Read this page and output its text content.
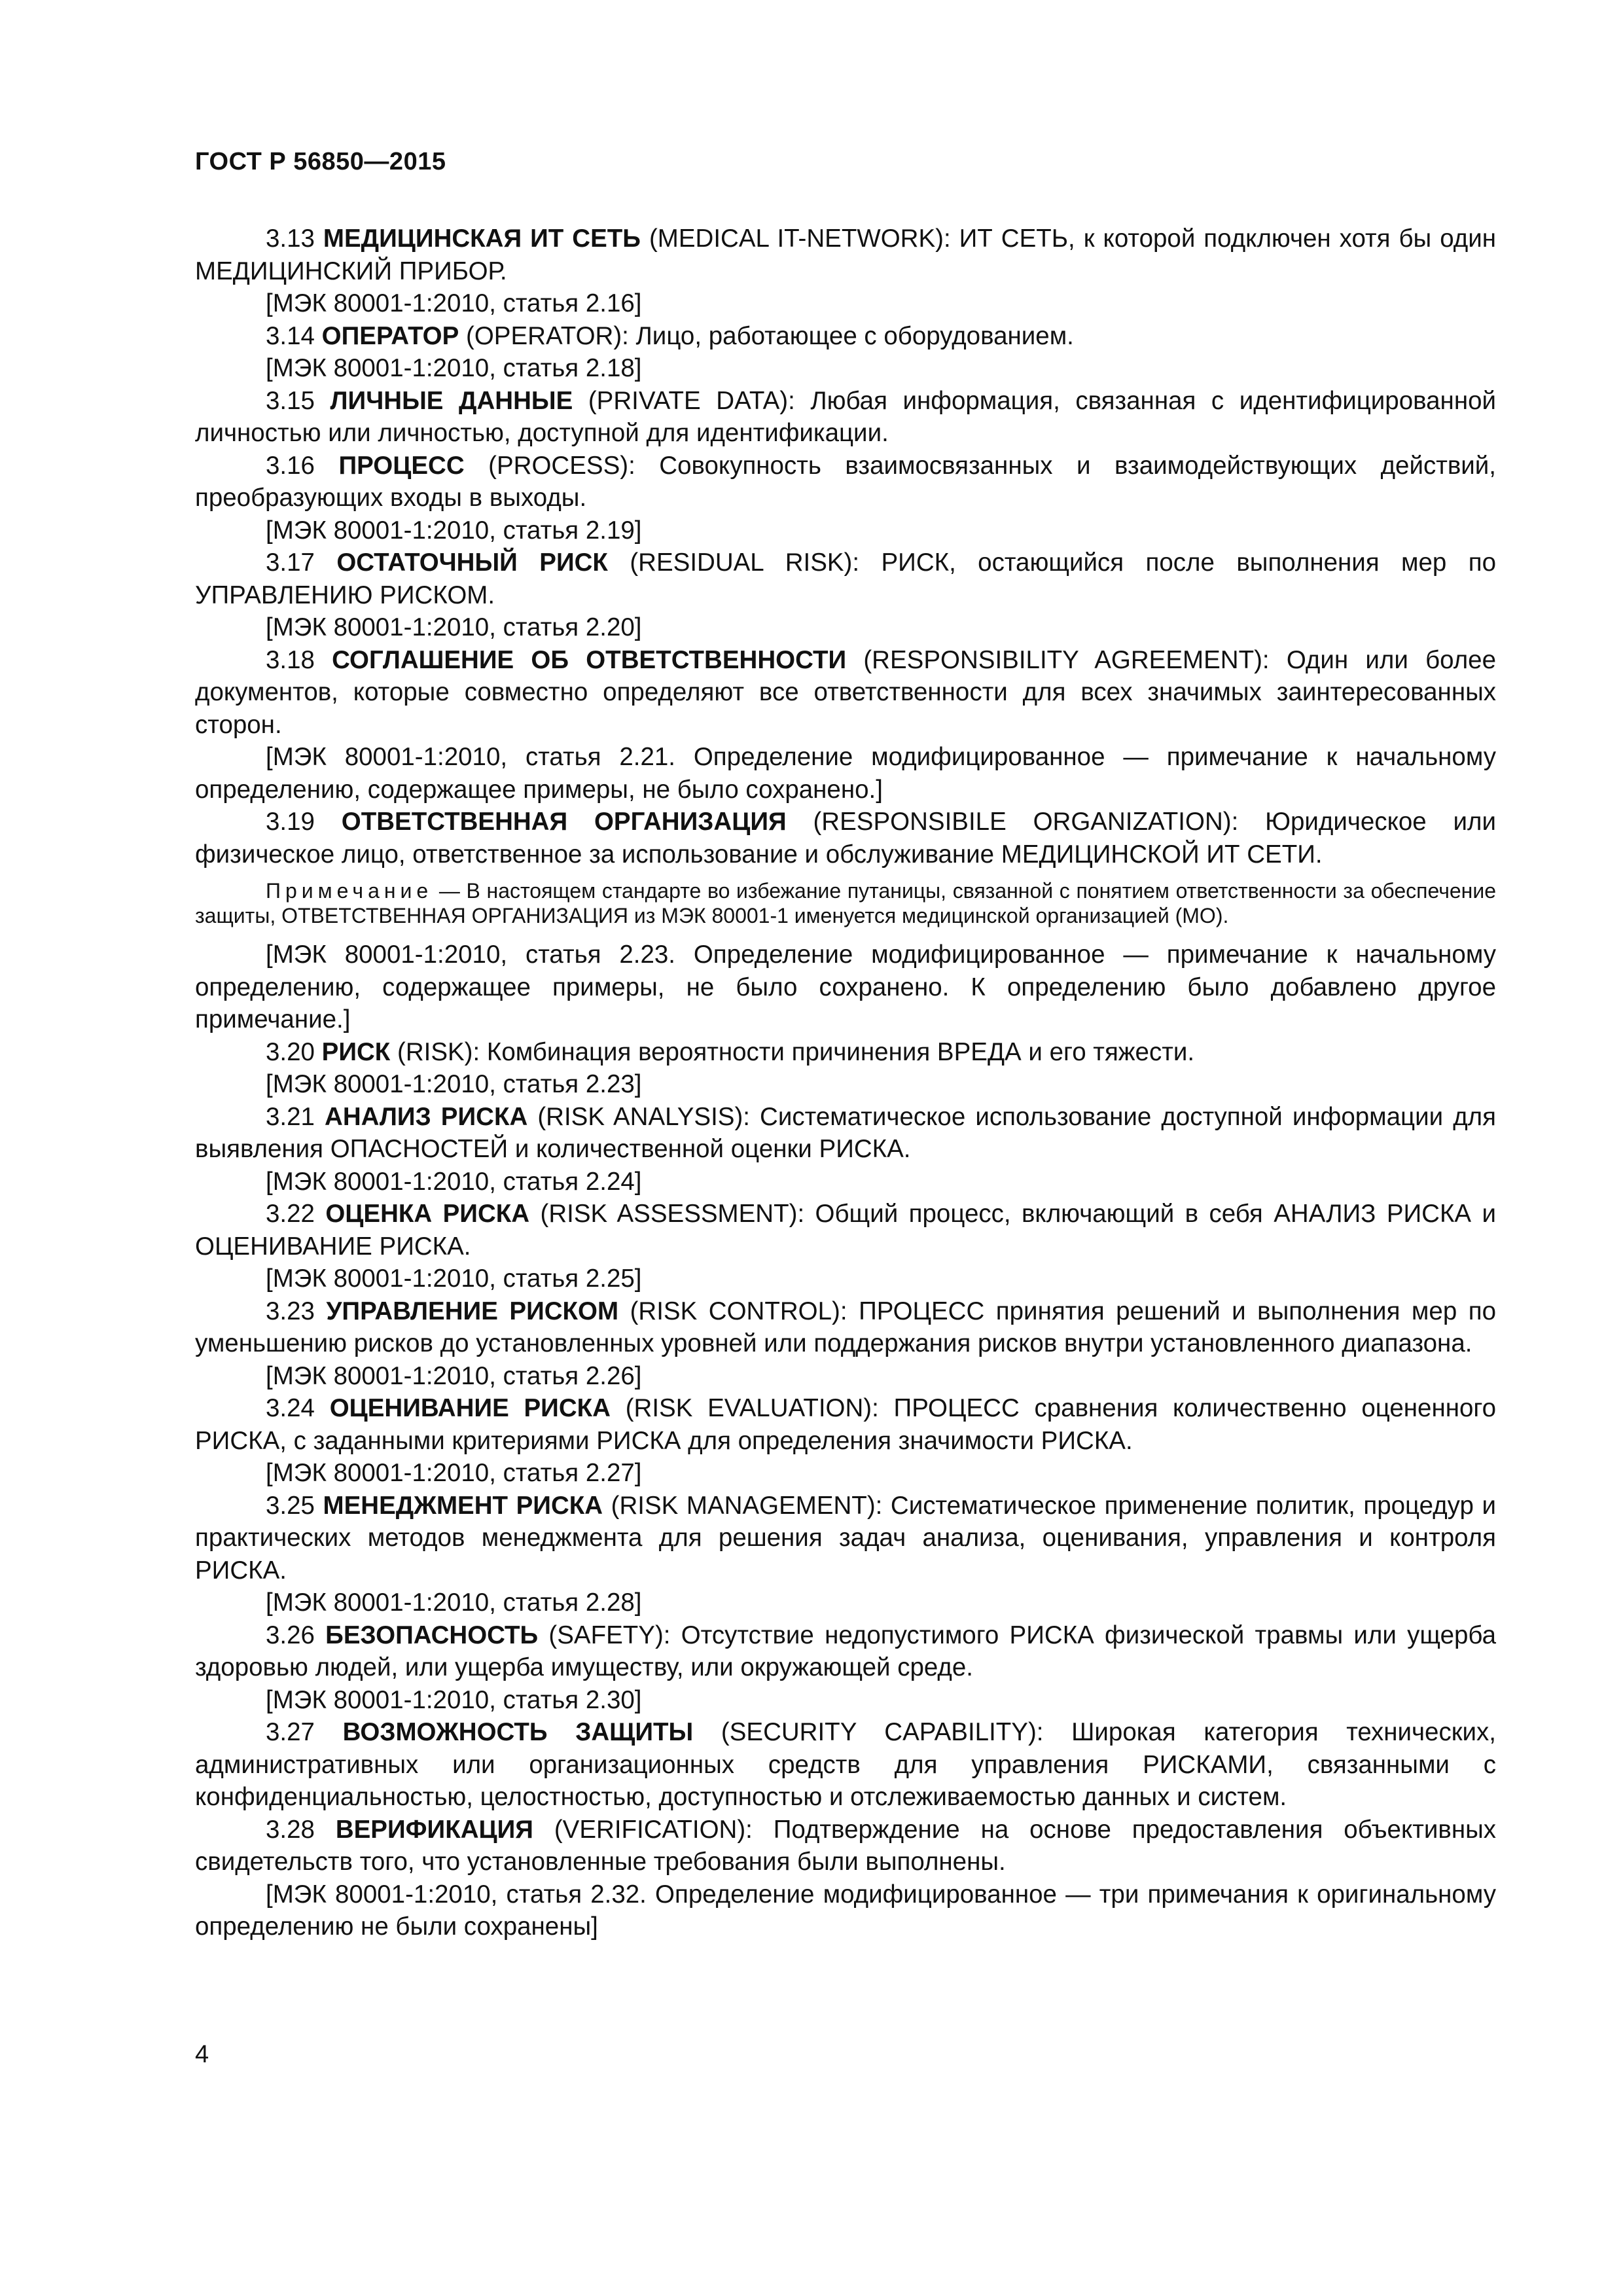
ГОСТ Р 56850—2015

3.13 МЕДИЦИНСКАЯ ИТ СЕТЬ (MEDICAL IT-NETWORK): ИТ СЕТЬ, к которой подключен хотя бы один МЕДИЦИНСКИЙ ПРИБОР.

[МЭК 80001-1:2010, статья 2.16]

3.14 ОПЕРАТОР (OPERATOR): Лицо, работающее с оборудованием.

[МЭК 80001-1:2010, статья 2.18]

3.15 ЛИЧНЫЕ ДАННЫЕ (PRIVATE DATA): Любая информация, связанная с идентифицированной личностью или личностью, доступной для идентификации.

3.16 ПРОЦЕСС (PROCESS): Совокупность взаимосвязанных и взаимодействующих действий, преобразующих входы в выходы.

[МЭК 80001-1:2010, статья 2.19]

3.17 ОСТАТОЧНЫЙ РИСК (RESIDUAL RISK): РИСК, остающийся после выполнения мер по УПРАВЛЕНИЮ РИСКОМ.

[МЭК 80001-1:2010, статья 2.20]

3.18 СОГЛАШЕНИЕ ОБ ОТВЕТСТВЕННОСТИ (RESPONSIBILITY AGREEMENT): Один или более документов, которые совместно определяют все ответственности для всех значимых заинтересованных сторон.

[МЭК 80001-1:2010, статья 2.21. Определение модифицированное — примечание к начальному определению, содержащее примеры, не было сохранено.]

3.19 ОТВЕТСТВЕННАЯ ОРГАНИЗАЦИЯ (RESPONSIBILE ORGANIZATION): Юридическое или физическое лицо, ответственное за использование и обслуживание МЕДИЦИНСКОЙ ИТ СЕТИ.

Примечание — В настоящем стандарте во избежание путаницы, связанной с понятием ответственности за обеспечение защиты, ОТВЕТСТВЕННАЯ ОРГАНИЗАЦИЯ из МЭК 80001-1 именуется медицинской организацией (МО).

[МЭК 80001-1:2010, статья 2.23. Определение модифицированное — примечание к начальному определению, содержащее примеры, не было сохранено. К определению было добавлено другое примечание.]

3.20 РИСК (RISK): Комбинация вероятности причинения ВРЕДА и его тяжести.

[МЭК 80001-1:2010, статья 2.23]

3.21 АНАЛИЗ РИСКА (RISK ANALYSIS): Систематическое использование доступной информации для выявления ОПАСНОСТЕЙ и количественной оценки РИСКА.

[МЭК 80001-1:2010, статья 2.24]

3.22 ОЦЕНКА РИСКА (RISK ASSESSMENT): Общий процесс, включающий в себя АНАЛИЗ РИСКА и ОЦЕНИВАНИЕ РИСКА.

[МЭК 80001-1:2010, статья 2.25]

3.23 УПРАВЛЕНИЕ РИСКОМ (RISK CONTROL): ПРОЦЕСС принятия решений и выполнения мер по уменьшению рисков до установленных уровней или поддержания рисков внутри установленного диапазона.

[МЭК 80001-1:2010, статья 2.26]

3.24 ОЦЕНИВАНИЕ РИСКА (RISK EVALUATION): ПРОЦЕСС сравнения количественно оцененного РИСКА, с заданными критериями РИСКА для определения значимости РИСКА.

[МЭК 80001-1:2010, статья 2.27]

3.25 МЕНЕДЖМЕНТ РИСКА (RISK MANAGEMENT): Систематическое применение политик, процедур и практических методов менеджмента для решения задач анализа, оценивания, управления и контроля РИСКА.

[МЭК 80001-1:2010, статья 2.28]

3.26 БЕЗОПАСНОСТЬ (SAFETY): Отсутствие недопустимого РИСКА физической травмы или ущерба здоровью людей, или ущерба имуществу, или окружающей среде.

[МЭК 80001-1:2010, статья 2.30]

3.27 ВОЗМОЖНОСТЬ ЗАЩИТЫ (SECURITY CAPABILITY): Широкая категория технических, административных или организационных средств для управления РИСКАМИ, связанными с конфиденциальностью, целостностью, доступностью и отслеживаемостью данных и систем.

3.28 ВЕРИФИКАЦИЯ (VERIFICATION): Подтверждение на основе предоставления объективных свидетельств того, что установленные требования были выполнены.

[МЭК 80001-1:2010, статья 2.32. Определение модифицированное — три примечания к оригинальному определению не были сохранены]

4
